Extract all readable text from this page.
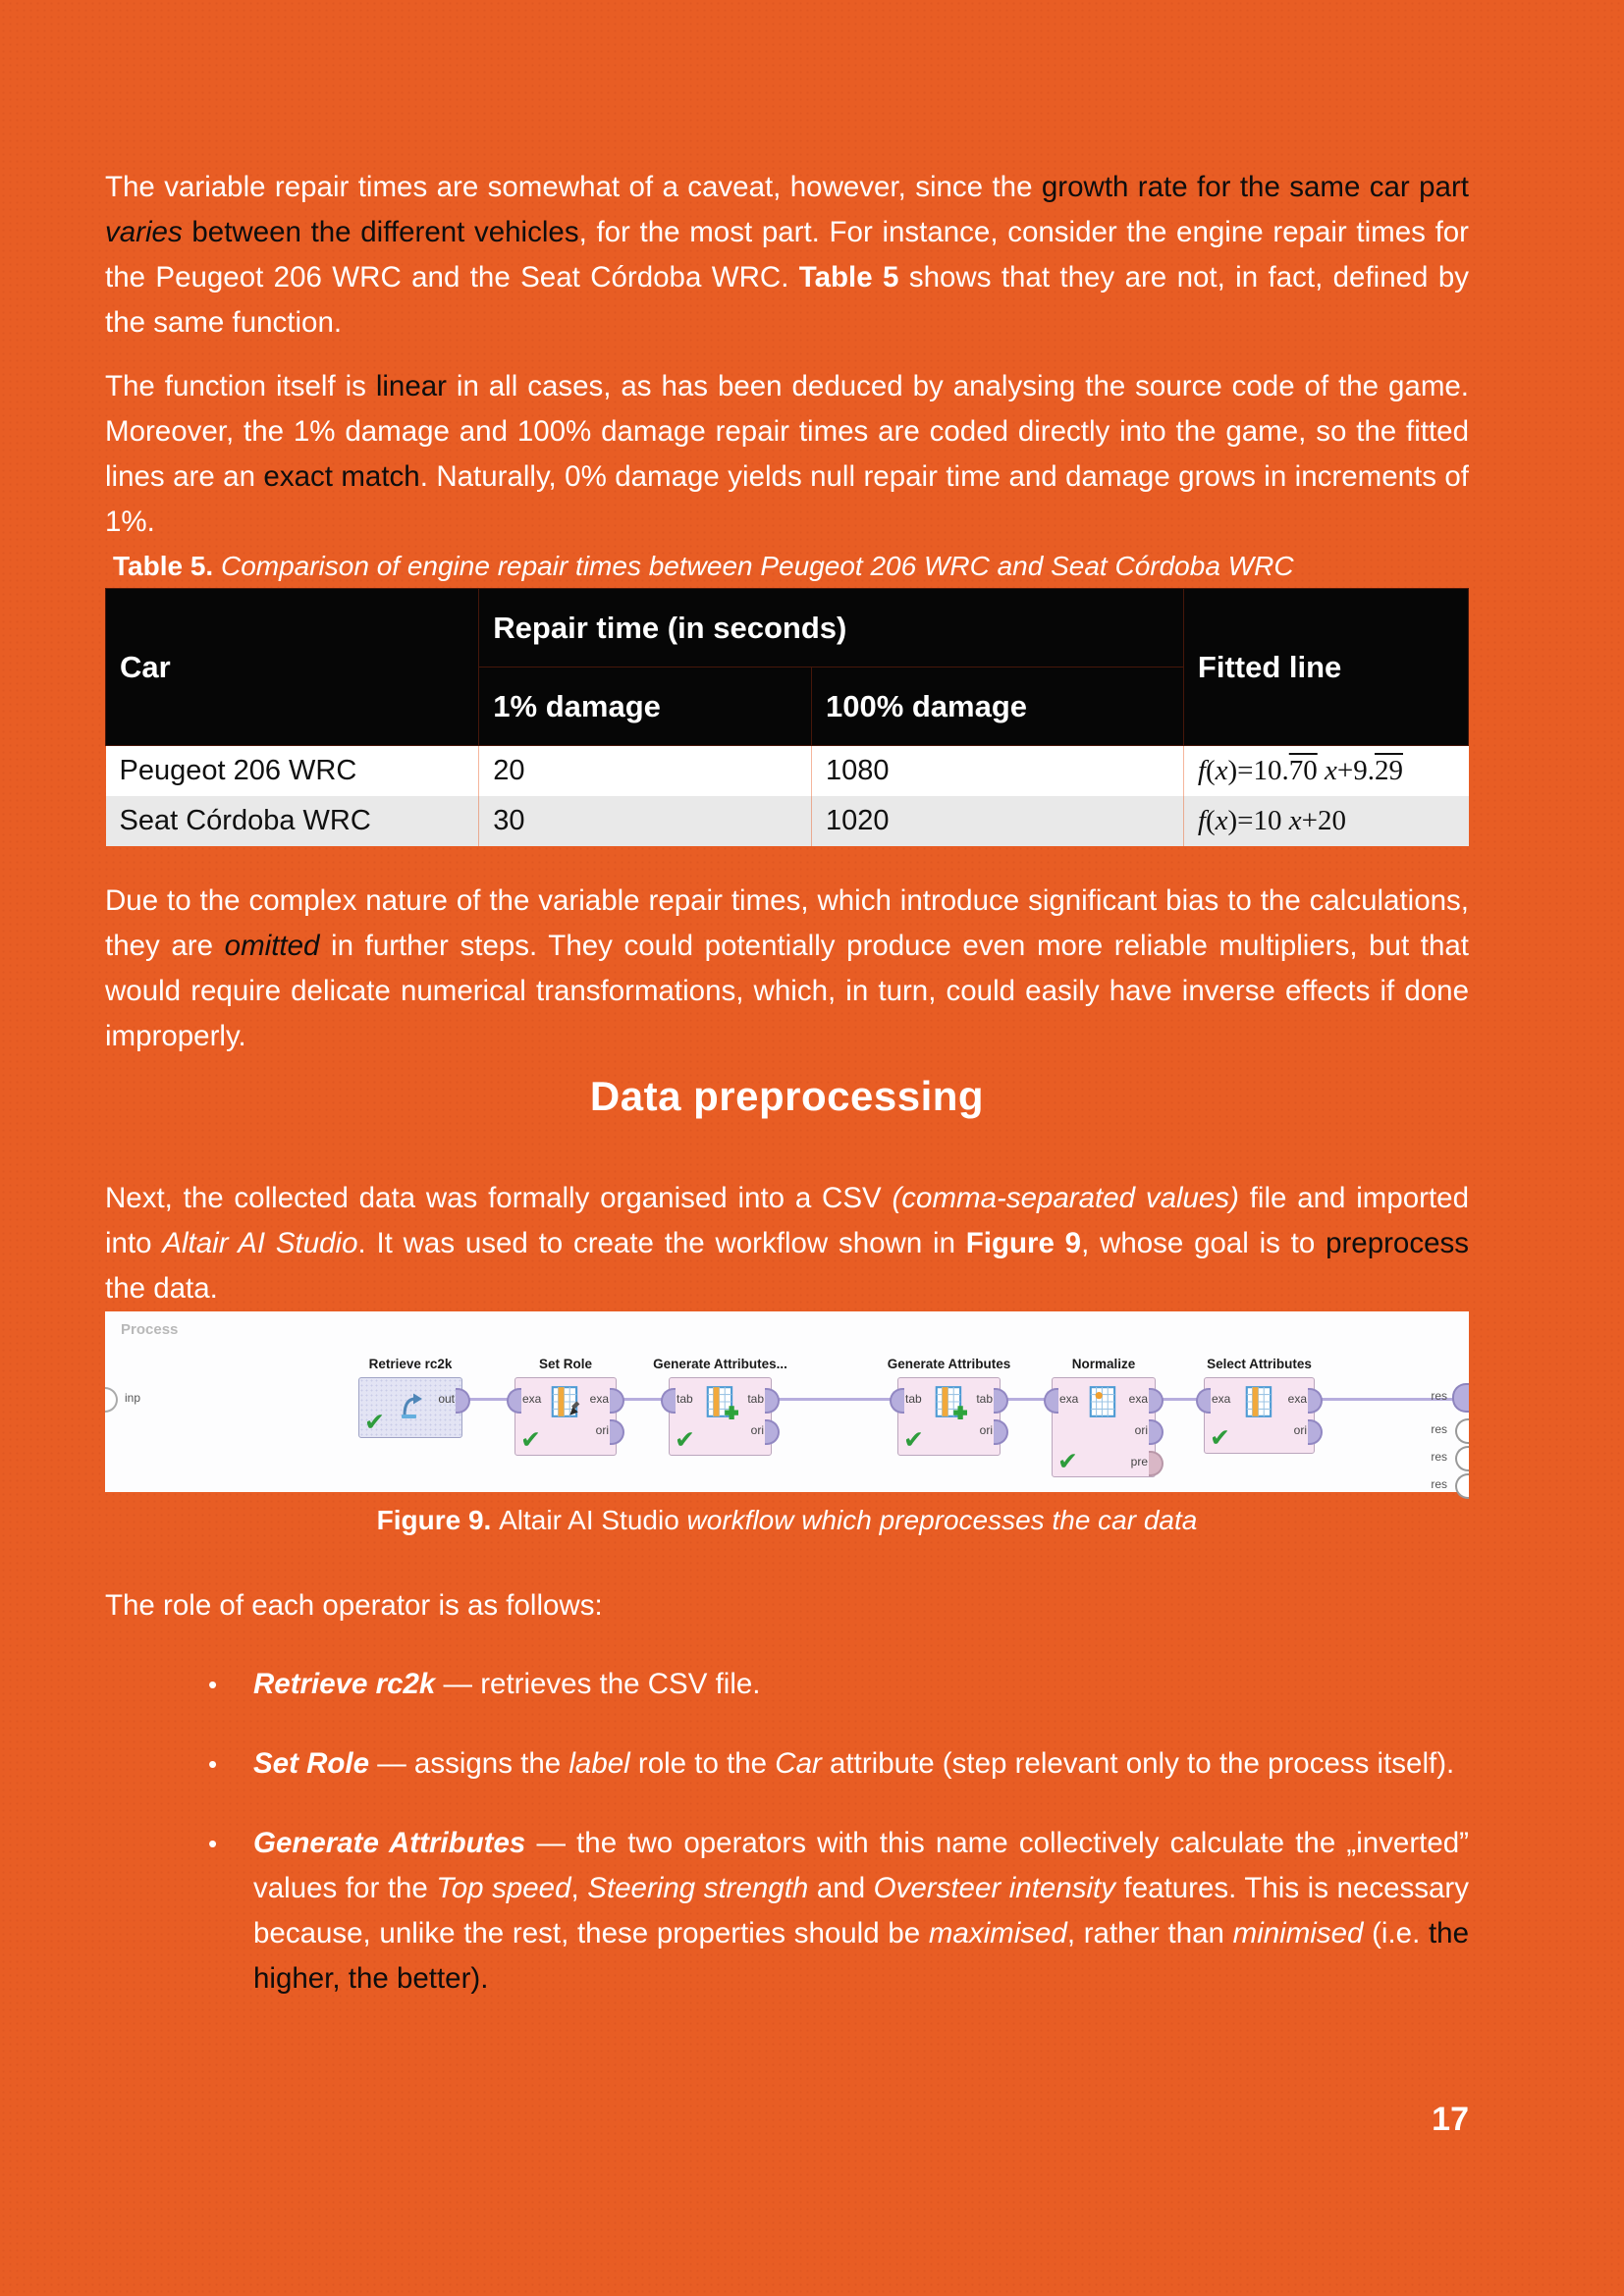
The variable repair times are somewhat of a caveat, however, since the growth rate for the same car part varies between the different vehicles, for the most part. For instance, consider the engine repair times for the Peugeot 206 WRC and the Seat Córdoba WRC. Table 5 shows that they are not, in fact, defined by the same function.

The function itself is linear in all cases, as has been deduced by analysing the source code of the game. Moreover, the 1% damage and 100% damage repair times are coded directly into the game, so the fitted lines are an exact match. Naturally, 0% damage yields null repair time and damage grows in increments of 1%.

Table 5. Comparison of engine repair times between Peugeot 206 WRC and Seat Córdoba WRC

Car	Repair time (in seconds)		Fitted line
	1% damage	100% damage	
Peugeot 206 WRC	20	1080	f(x)=10.70 x+9.29
Seat Córdoba WRC	30	1020	f(x)=10 x+20

Due to the complex nature of the variable repair times, which introduce significant bias to the calculations, they are omitted in further steps. They could potentially produce even more reliable multipliers, but that would require delicate numerical transformations, which, in turn, could easily have inverse effects if done improperly.

Data preprocessing

Next, the collected data was formally organised into a CSV (comma-separated values) file and imported into Altair AI Studio. It was used to create the workflow shown in Figure 9, whose goal is to preprocess the data.

Process
inp
Retrieve rc2k
out
✔
Set Role
exa	exa
ori
✔
Generate Attributes...
tab	tab
ori
✔
Generate Attributes
tab	tab
ori
✔
Normalize
exa	exa
ori
pre
✔
Select Attributes
exa	exa
ori
✔
res
res
res
res

Figure 9. Altair AI Studio workflow which preprocesses the car data

The role of each operator is as follows:

• Retrieve rc2k — retrieves the CSV file.
• Set Role — assigns the label role to the Car attribute (step relevant only to the process itself).
• Generate Attributes — the two operators with this name collectively calculate the „inverted” values for the Top speed, Steering strength and Oversteer intensity features. This is necessary because, unlike the rest, these properties should be maximised, rather than minimised (i.e. the higher, the better).
17
